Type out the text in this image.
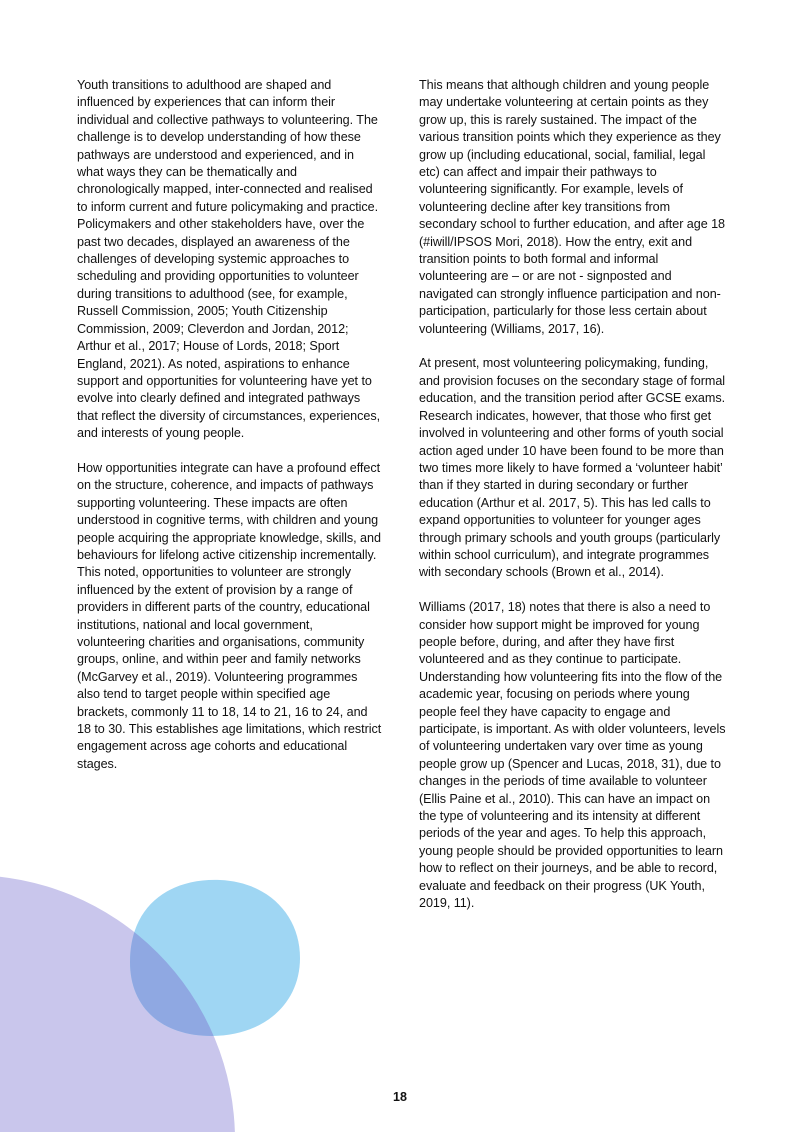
Youth transitions to adulthood are shaped and influenced by experiences that can inform their individual and collective pathways to volunteering. The challenge is to develop understanding of how these pathways are understood and experienced, and in what ways they can be thematically and chronologically mapped, inter-connected and realised to inform current and future policymaking and practice. Policymakers and other stakeholders have, over the past two decades, displayed an awareness of the challenges of developing systemic approaches to scheduling and providing opportunities to volunteer during transitions to adulthood (see, for example, Russell Commission, 2005; Youth Citizenship Commission, 2009; Cleverdon and Jordan, 2012; Arthur et al., 2017; House of Lords, 2018; Sport England, 2021). As noted, aspirations to enhance support and opportunities for volunteering have yet to evolve into clearly defined and integrated pathways that reflect the diversity of circumstances, experiences, and interests of young people.

How opportunities integrate can have a profound effect on the structure, coherence, and impacts of pathways supporting volunteering. These impacts are often understood in cognitive terms, with children and young people acquiring the appropriate knowledge, skills, and behaviours for lifelong active citizenship incrementally. This noted, opportunities to volunteer are strongly influenced by the extent of provision by a range of providers in different parts of the country, educational institutions, national and local government, volunteering charities and organisations, community groups, online, and within peer and family networks (McGarvey et al., 2019). Volunteering programmes also tend to target people within specified age brackets, commonly 11 to 18, 14 to 21, 16 to 24, and 18 to 30. This establishes age limitations, which restrict engagement across age cohorts and educational stages.

This means that although children and young people may undertake volunteering at certain points as they grow up, this is rarely sustained. The impact of the various transition points which they experience as they grow up (including educational, social, familial, legal etc) can affect and impair their pathways to volunteering significantly. For example, levels of volunteering decline after key transitions from secondary school to further education, and after age 18 (#iwill/IPSOS Mori, 2018). How the entry, exit and transition points to both formal and informal volunteering are – or are not - signposted and navigated can strongly influence participation and non-participation, particularly for those less certain about volunteering (Williams, 2017, 16).

At present, most volunteering policymaking, funding, and provision focuses on the secondary stage of formal education, and the transition period after GCSE exams. Research indicates, however, that those who first get involved in volunteering and other forms of youth social action aged under 10 have been found to be more than two times more likely to have formed a ‘volunteer habit’ than if they started in during secondary or further education (Arthur et al. 2017, 5). This has led calls to expand opportunities to volunteer for younger ages through primary schools and youth groups (particularly within school curriculum), and integrate programmes with secondary schools (Brown et al., 2014).

Williams (2017, 18) notes that there is also a need to consider how support might be improved for young people before, during, and after they have first volunteered and as they continue to participate. Understanding how volunteering fits into the flow of the academic year, focusing on periods where young people feel they have capacity to engage and participate, is important. As with older volunteers, levels of volunteering undertaken vary over time as young people grow up (Spencer and Lucas, 2018, 31), due to changes in the periods of time available to volunteer (Ellis Paine et al., 2010). This can have an impact on the type of volunteering and its intensity at different periods of the year and ages. To help this approach, young people should be provided opportunities to learn how to reflect on their journeys, and be able to record, evaluate and feedback on their progress (UK Youth, 2019, 11).

18
